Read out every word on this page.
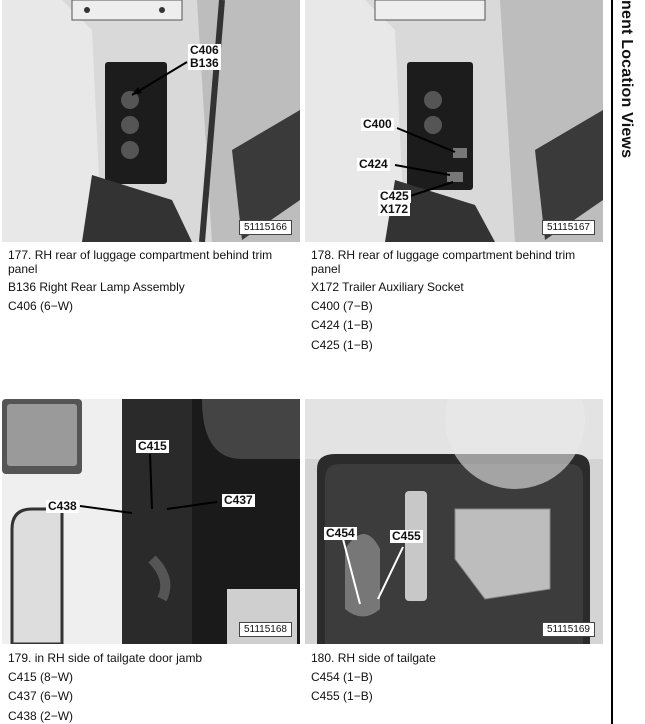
C406
B136
51115166
177. RH rear of luggage compartment behind trim panel
B136 Right Rear Lamp Assembly
C406 (6−W)
C400
C424
C425
X172
51115167
178. RH rear of luggage compartment behind trim panel
X172 Trailer Auxiliary Socket
C400 (7−B)
C424 (1−B)
C425 (1−B)
C415
C438	C437
51115168
179. in RH side of tailgate door jamb
C415 (8−W)
C437 (6−W)
C438 (2−W)
C454	C455
51115169
180. RH side of tailgate
C454 (1−B)
C455 (1−B)
nent Location Views
